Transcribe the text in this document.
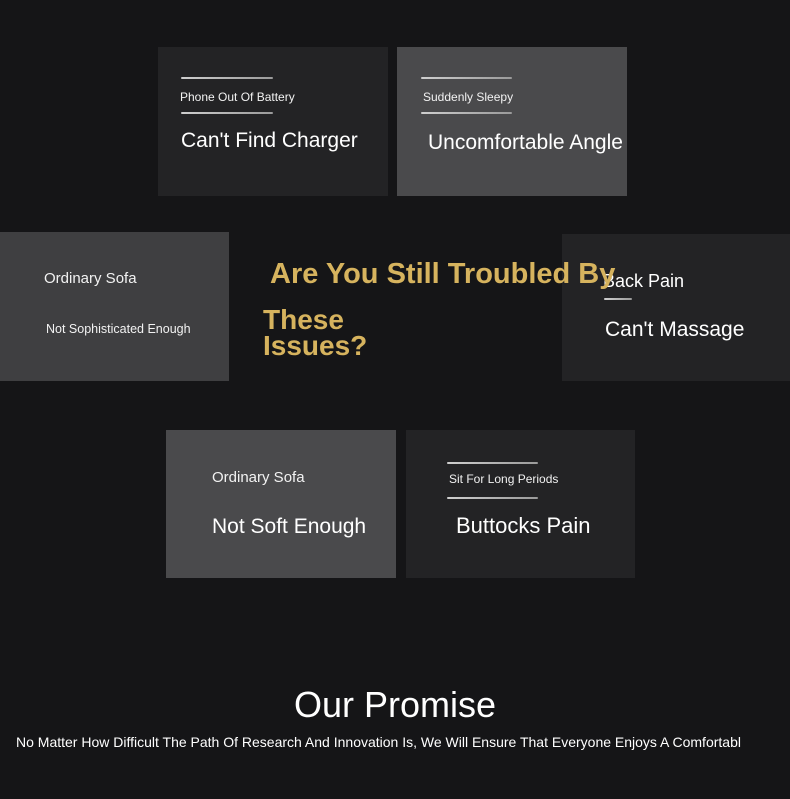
Phone Out Of Battery
Can't Find Charger
Suddenly Sleepy
Uncomfortable Angle
Ordinary Sofa
Not Sophisticated Enough
Back Pain
Can't Massage
Are You Still Troubled By
These
Issues?
Ordinary Sofa
Not Soft Enough
Sit For Long Periods
Buttocks Pain
Our Promise
No Matter How Difficult The Path Of Research And Innovation Is, We Will Ensure That Everyone Enjoys A Comfortabl
